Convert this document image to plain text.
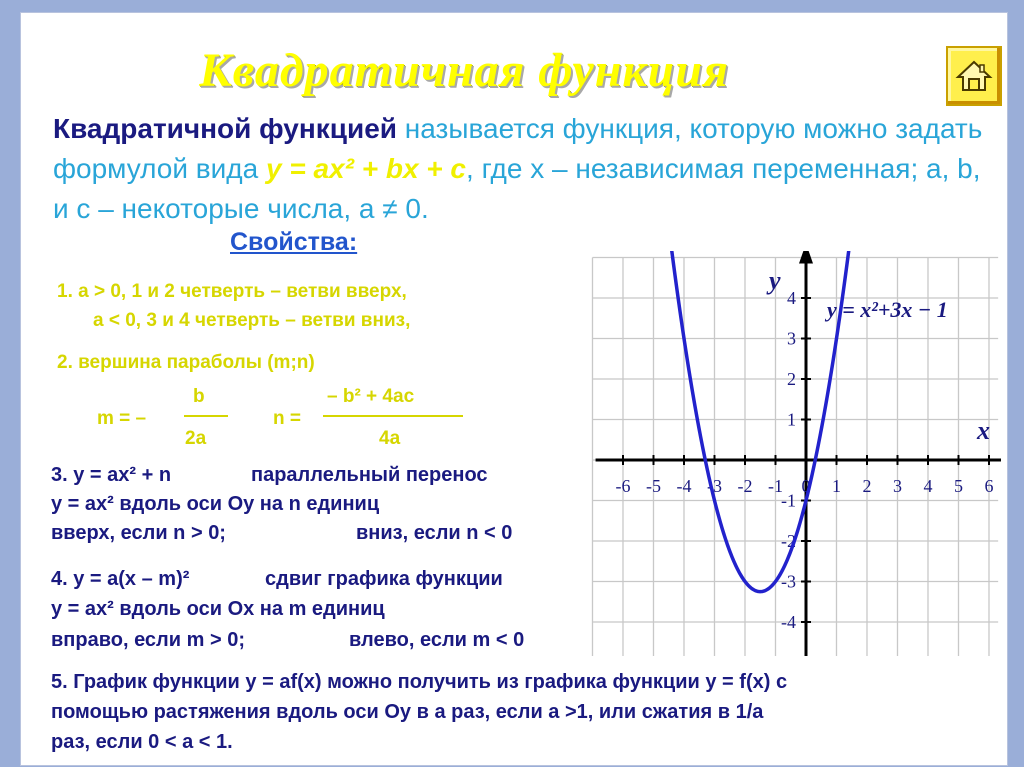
Квадратичная функция
Квадратичной функцией называется функция, которую можно задать формулой вида y = ax² + bx + c, где x – независимая переменная; a, b, и c – некоторые числа, a ≠ 0.
Свойства:
1. a > 0, 1 и 2 четверть – ветви вверх,
a < 0, 3 и 4 четверть – ветви вниз,
2. вершина параболы (m;n)
m = –
b
2a
n =
– b² + 4ac
4a
3. y = ax² + n	параллельный перенос
y = ax² вдоль оси Оy на n единиц
вверх, если n > 0;	вниз, если n < 0
4. y = a(x – m)²	сдвиг графика функции
y = ax² вдоль оси Ох на m единиц
вправо, если m > 0;	влево, если m < 0
5. График функции y = af(x) можно получить из графика функции y = f(x) с
помощью растяжения вдоль оси Оy в a раз, если a >1, или сжатия в 1/a
раз, если 0 < a < 1.
-6 -5 -4 -3 -2 -1 0 1 2 3 4 5 6
4
3
2
1
-1
-2
-3
-4
y = x²+3x − 1
y
x
